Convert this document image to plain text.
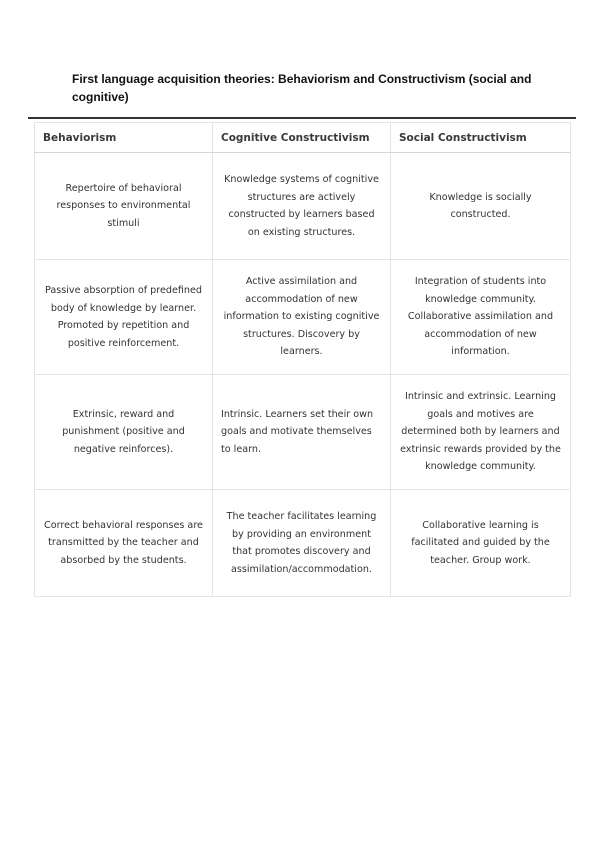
First language acquisition theories: Behaviorism and Constructivism (social and cognitive)
Behaviorism	Cognitive Constructivism	Social Constructivism
Repertoire of behavioral responses to environmental stimuli	Knowledge systems of cognitive structures are actively constructed by learners based on existing structures.	Knowledge is socially constructed.
Passive absorption of predefined body of knowledge by learner. Promoted by repetition and positive reinforcement.	Active assimilation and accommodation of new information to existing cognitive structures. Discovery by learners.	Integration of students into knowledge community. Collaborative assimilation and accommodation of new information.
Extrinsic, reward and punishment (positive and negative reinforces).	Intrinsic. Learners set their own goals and motivate themselves to learn.	Intrinsic and extrinsic. Learning goals and motives are determined both by learners and extrinsic rewards provided by the knowledge community.
Correct behavioral responses are transmitted by the teacher and absorbed by the students.	The teacher facilitates learning by providing an environment that promotes discovery and assimilation/accommodation.	Collaborative learning is facilitated and guided by the teacher. Group work.
